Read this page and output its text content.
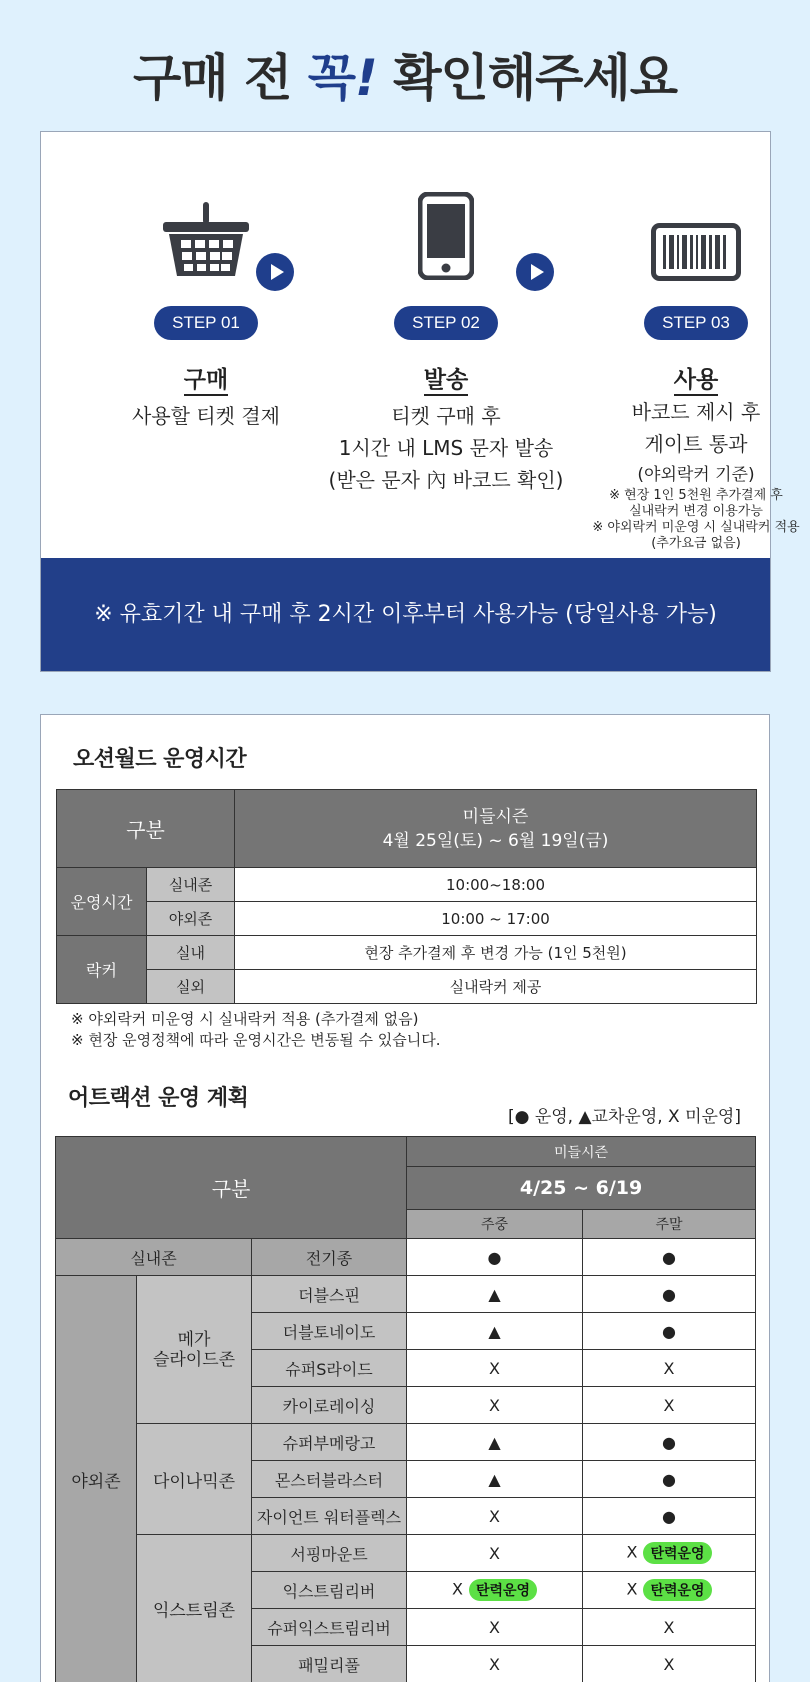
구매 전 꼭! 확인해주세요
STEP 01
구매
사용할 티켓 결제
STEP 02
발송
티켓 구매 후
1시간 내 LMS 문자 발송
(받은 문자 內 바코드 확인)
STEP 03
사용
바코드 제시 후
게이트 통과
(야외락커 기준)
※ 현장 1인 5천원 추가결제 후
실내락커 변경 이용가능
※ 야외락커 미운영 시 실내락커 적용
(추가요금 없음)
※ 유효기간 내 구매 후 2시간 이후부터 사용가능 (당일사용 가능)
오션월드 운영시간
구분		미들시즌
4월 25일(토) ~ 6월 19일(금)

운영시간	실내존	10:00~18:00
	야외존	10:00 ~ 17:00
락커	실내	현장 추가결제 후 변경 가능 (1인 5천원)
	실외	실내락커 제공
※ 야외락커 미운영 시 실내락커 적용 (추가결제 없음)
※ 현장 운영정책에 따라 운영시간은 변동될 수 있습니다.
어트랙션 운영 계획
[● 운영, ▲교차운영, X 미운영]
구분			미들시즌	
			4/25 ~ 6/19	
			주중	주말
실내존		전기종	●	●
야외존	메가
슬라이드존	더블스핀	▲	●
		더블토네이도	▲	●
		슈퍼S라이드	X	X
		카이로레이싱	X	X
	다이나믹존	슈퍼부메랑고	▲	●
		몬스터블라스터	▲	●
		자이언트 워터플렉스	X	●
	익스트림존	서핑마운트	X	X 탄력운영
		익스트림리버	X 탄력운영	X 탄력운영
		슈퍼익스트림리버	X	X
		패밀리풀	X	X
